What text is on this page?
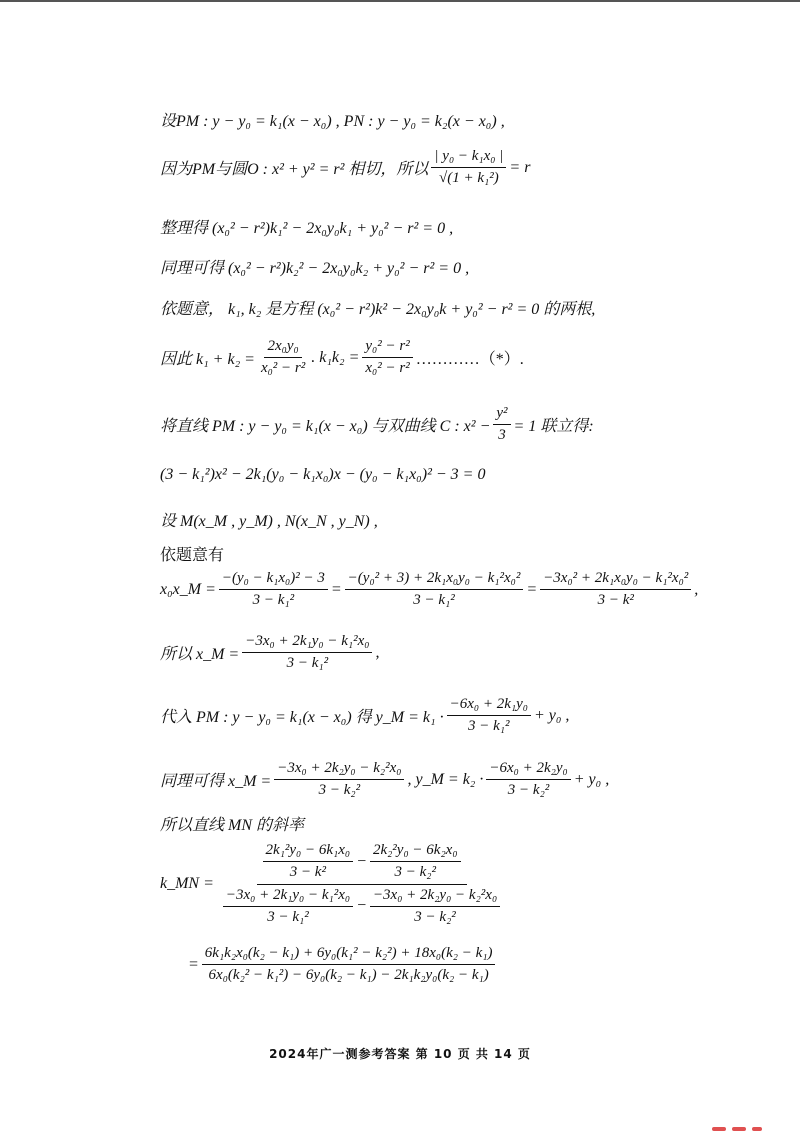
设PM : y − y₀ = k₁(x − x₀) , PN : y − y₀ = k₂(x − x₀) ,
因为PM与圆O : x² + y² = r² 相切，所以 $\frac{\text{| y₀ − k₁x₀ |}}{\text{√(1 + k₁²)}} = r$
整理得 (x₀² − r²)k₁² − 2x₀y₀k₁ + y₀² − r² = 0 ,
同理可得 (x₀² − r²)k₂² − 2x₀y₀k₂ + y₀² − r² = 0 ,
依题意， k₁, k₂ 是方程 (x₀² − r²)k² − 2x₀y₀k + y₀² − r² = 0 的两根,
因此 $k_1 + k_2 = \frac{\text{2x₀y₀}}{\text{x₀² − r²}}$ . $k_1k_2 = \frac{\text{y₀² − r²}}{\text{x₀² − r²}}$ …………（*）.
将直线 PM : y − y₀ = k₁(x − x₀) 与双曲线 C : $x^2 - \frac{\text{y²}}{3} = 1$ 联立得:
(3 − k₁²)x² − 2k₁(y₀ − k₁x₀)x − (y₀ − k₁x₀)² − 3 = 0
设 M(x_M , y_M) , N(x_N , y_N) ,
依题意有
x₀x_M = $\frac{\text{−(y₀ − k₁x₀)² − 3}}{\text{3 − k₁²}} = \frac{\text{−(y₀² + 3) + 2k₁x₀y₀ − k₁²x₀²}}{\text{3 − k₁²}} = \frac{\text{−3x₀² + 2k₁x₀y₀ − k₁²x₀²}}{\text{3 − k²}}$ ,
所以 x_M = $\frac{\text{−3x₀ + 2k₁y₀ − k₁²x₀}}{\text{3 − k₁²}}$ ,
代入 PM : y − y₀ = k₁(x − x₀) 得 y_M = $k_1 \cdot \frac{\text{−6x₀ + 2k₁y₀}}{\text{3 − k₁²}} + y_0$ ,
同理可得 x_M = $\frac{\text{−3x₀ + 2k₂y₀ − k₂²x₀}}{\text{3 − k₂²}}$ , y_M = $k_2 \cdot \frac{\text{−6x₀ + 2k₂y₀}}{\text{3 − k₂²}} + y_0$ ,
所以直线 MN 的斜率
k_MN =
$\frac{\text{2k₁²y₀ − 6k₁x₀}}{\text{3 − k²}} - \frac{\text{2k₂²y₀ − 6k₂x₀}}{\text{3 − k₂²}}$
$\frac{\text{−3x₀ + 2k₁y₀ − k₁²x₀}}{\text{3 − k₁²}} - \frac{\text{−3x₀ + 2k₂y₀ − k₂²x₀}}{\text{3 − k₂²}}$
= $\frac{\text{6k₁k₂x₀(k₂ − k₁) + 6y₀(k₁² − k₂²) + 18x₀(k₂ − k₁)}}{\text{6x₀(k₂² − k₁²) − 6y₀(k₂ − k₁) − 2k₁k₂y₀(k₂ − k₁)}}$
2024年广一测参考答案 第 10 页 共 14 页
